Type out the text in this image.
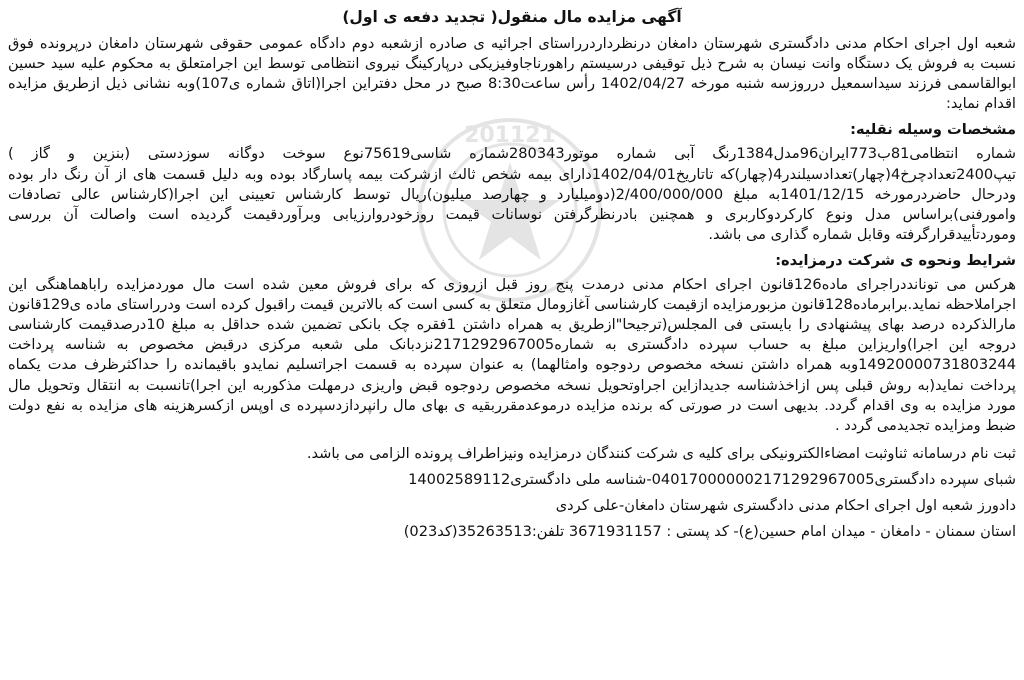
201121
آگهی مزایده مال منقول( تجدید دفعه ی اول)

شعبه اول اجرای احکام مدنی دادگستری شهرستان دامغان درنظرداردرراستای اجرائیه ی صادره ازشعبه دوم دادگاه عمومی حقوقی شهرستان دامغان درپرونده فوق نسبت به فروش یک دستگاه وانت نیسان به شرح ذیل توقیفی درسیستم راهورناجاوفیزیکی درپارکینگ نیروی انتظامی توسط این اجرامتعلق به محکوم علیه سید حسین ابوالقاسمی فرزند سیداسمعیل درروزسه شنبه مورخه 1402/04/27 رأس ساعت8:30 صبح در محل دفتراین اجرا(اتاق شماره ی107)وبه نشانی ذیل ازطریق مزایده اقدام نماید:

مشخصات وسیله نقلیه:

شماره انتظامی81ب773ایران96مدل1384رنگ آبی شماره موتور280343شماره شاسی75619نوع سوخت دوگانه سوزدستی (بنزین و گاز ) تیپ2400تعدادچرخ4(چهار)تعدادسیلندر4(چهار)که تاتاریخ1402/04/01دارای بیمه شخص ثالث ازشرکت بیمه پاسارگاد بوده وبه دلیل قسمت های از آن رنگ دار بوده ودرحال حاضردرمورخه 1401/12/15به مبلغ 2/400/000/000(دومیلیارد و چهارصد میلیون)ریال توسط کارشناس تعیینی این اجرا(کارشناس عالی تصادفات وامورفنی)براساس مدل ونوع کارکردوکاربری و همچنین بادرنظرگرفتن نوسانات قیمت روزخودروارزیابی وبرآوردقیمت گردیده است واصالت آن بررسی وموردتأییدقرارگرفته وقابل شماره گذاری می باشد.

شرایط ونحوه ی شرکت درمزایده:

هرکس می تونانددراجرای ماده126قانون اجرای احکام مدنی درمدت پنج روز قبل ازروزی که برای فروش معین شده است مال موردمزایده راباهماهنگی این اجراملاحظه نماید.برابرماده128قانون مزبورمزایده ازقیمت کارشناسی آغازومال متعلق به کسی است که بالاترین قیمت راقبول کرده است ودرراستای ماده ی129قانون مارالذکرده درصد بهای پیشنهادی را بایستی فی المجلس(ترجیحا"ازطریق به همراه داشتن 1فقره چک بانکی تضمین شده حداقل به مبلغ 10درصدقیمت کارشناسی دروجه این اجرا)واریزاین مبلغ به حساب سپرده دادگستری به شماره2171292967005نزدبانک ملی شعبه مرکزی درقبض مخصوص به شناسه پرداخت 14920000731803244وبه همراه داشتن نسخه مخصوص ردوجوه وامثالهما) به عنوان سپرده به قسمت اجراتسلیم نمایدو باقیمانده را حداکثرظرف مدت یکماه پرداخت نماید(به روش قبلی پس ازاخذشناسه جدیدازاین اجراوتحویل نسخه مخصوص ردوجوه قبض واریزی درمهلت مذکوربه این اجرا)تانسبت به انتقال وتحویل مال مورد مزایده به وی اقدام گردد. بدیهی است در صورتی که برنده مزایده درموعدمقرربقیه ی بهای مال رانپردازدسپرده ی اوپس ازکسرهزینه های مزایده به نفع دولت ضبط ومزایده تجدیدمی گردد .

ثبت نام درسامانه ثناوثبت امضاءالکترونیکی برای کلیه ی شرکت کنندگان درمزایده ونیزاطراف پرونده الزامی می باشد.

شبای سپرده دادگستری040170000002171292967005-شناسه ملی دادگستری14002589112

دادورز شعبه اول اجرای احکام مدنی دادگستری شهرستان دامغان-علی کردی

استان سمنان - دامغان - میدان امام حسین(ع)- کد پستی : 3671931157 تلفن:35263513(کد023)
